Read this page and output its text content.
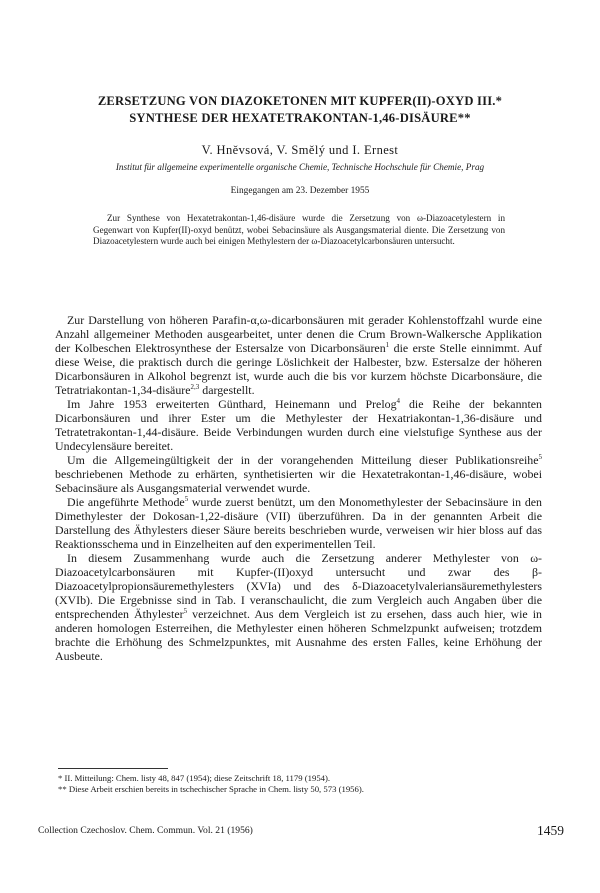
ZERSETZUNG VON DIAZOKETONEN MIT KUPFER(II)-OXYD III.*
SYNTHESE DER HEXATETRAKONTAN-1,46-DISÄURE**
V. Hněvsová, V. Smělý und I. Ernest
Institut für allgemeine experimentelle organische Chemie, Technische Hochschule für Chemie, Prag
Eingegangen am 23. Dezember 1955
Zur Synthese von Hexatetrakontan-1,46-disäure wurde die Zersetzung von ω-Diazoacetylestern in Gegenwart von Kupfer(II)-oxyd benützt, wobei Sebacinsäure als Ausgangsmaterial diente. Die Zersetzung von Diazoacetylestern wurde auch bei einigen Methylestern der ω-Diazoacetylcarbonsäuren untersucht.

Zur Darstellung von höheren Parafin-α,ω-dicarbonsäuren mit gerader Kohlenstoffzahl wurde eine Anzahl allgemeiner Methoden ausgearbeitet, unter denen die Crum Brown-Walkersche Applikation der Kolbeschen Elektrosynthese der Estersalze von Dicarbonsäuren$^1$ die erste Stelle einnimmt. Auf diese Weise, die praktisch durch die geringe Löslichkeit der Halbester, bzw. Estersalze der höheren Dicarbonsäuren in Alkohol begrenzt ist, wurde auch die bis vor kurzem höchste Dicarbonsäure, die Tetratriakontan-1,34-disäure$^{2,3}$ dargestellt.

Im Jahre 1953 erweiterten Günthard, Heinemann und Prelog$^4$ die Reihe der bekannten Dicarbonsäuren und ihrer Ester um die Methylester der Hexatriakontan-1,36-disäure und Tetratetrakontan-1,44-disäure. Beide Verbindungen wurden durch eine vielstufige Synthese aus der Undecylensäure bereitet.

Um die Allgemeingültigkeit der in der vorangehenden Mitteilung dieser Publikationsreihe$^5$ beschriebenen Methode zu erhärten, synthetisierten wir die Hexatetrakontan-1,46-disäure, wobei Sebacinsäure als Ausgangsmaterial verwendet wurde.

Die angeführte Methode$^5$ wurde zuerst benützt, um den Monomethylester der Sebacinsäure in den Dimethylester der Dokosan-1,22-disäure (VII) überzuführen. Da in der genannten Arbeit die Darstellung des Äthylesters dieser Säure bereits beschrieben wurde, verweisen wir hier bloss auf das Reaktionsschema und in Einzelheiten auf den experimentellen Teil.

In diesem Zusammenhang wurde auch die Zersetzung anderer Methylester von ω-Diazoacetylcarbonsäuren mit Kupfer-(II)oxyd untersucht und zwar des β-Diazoacetylpropionsäuremethylesters (XVIa) und des δ-Diazoacetylvaleriansäuremethylesters (XVIb). Die Ergebnisse sind in Tab. I veranschaulicht, die zum Vergleich auch Angaben über die entsprechenden Äthylester$^5$ verzeichnet. Aus dem Vergleich ist zu ersehen, dass auch hier, wie in anderen homologen Esterreihen, die Methylester einen höheren Schmelzpunkt aufweisen; trotzdem brachte die Erhöhung des Schmelzpunktes, mit Ausnahme des ersten Falles, keine Erhöhung der Ausbeute.

* II. Mitteilung: Chem. listy 48, 847 (1954); diese Zeitschrift 18, 1179 (1954).
** Diese Arbeit erschien bereits in tschechischer Sprache in Chem. listy 50, 573 (1956).
Collection Czechoslov. Chem. Commun. Vol. 21 (1956)	1459
